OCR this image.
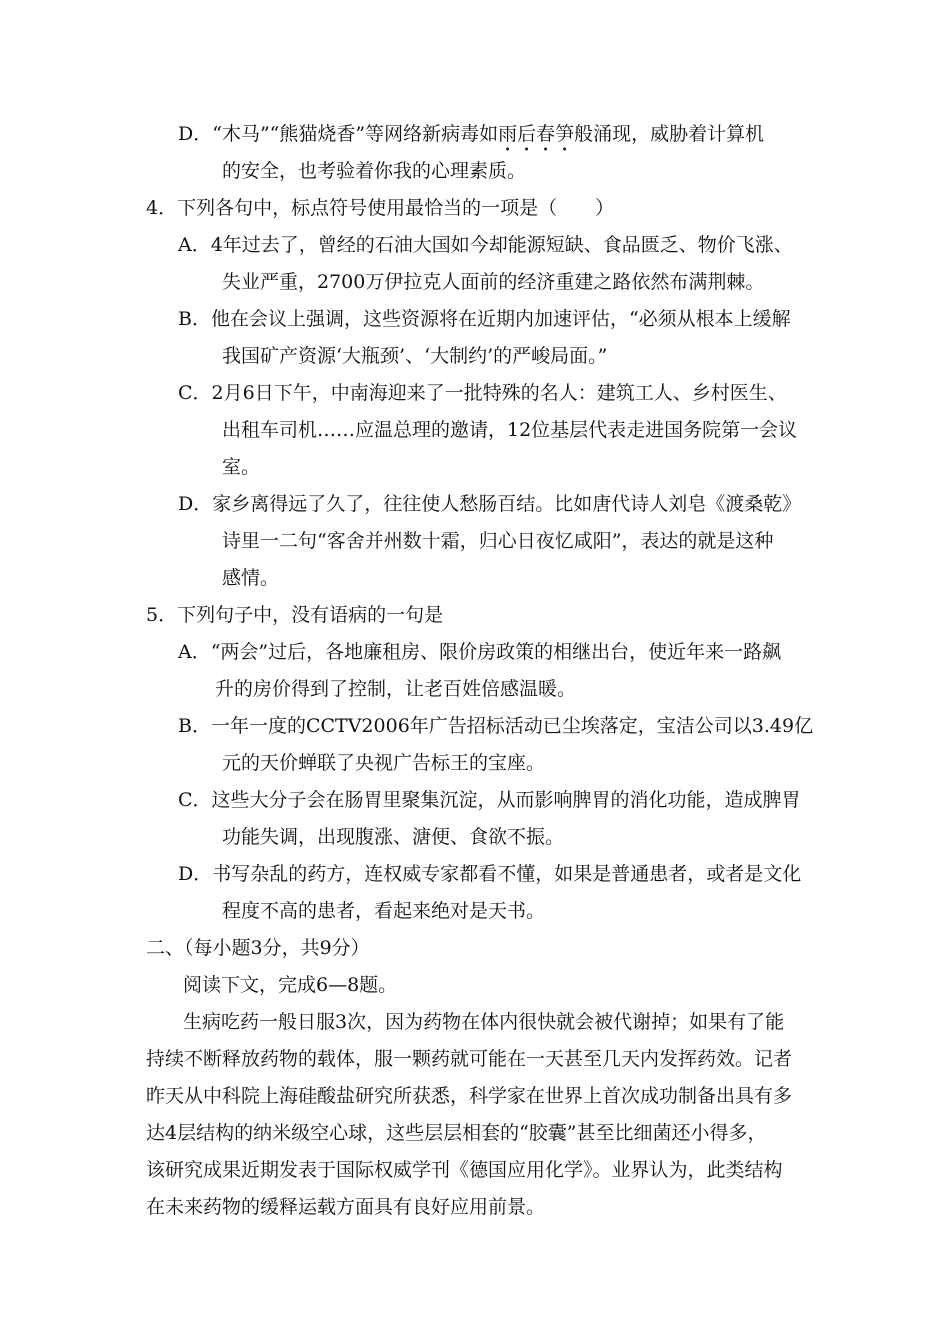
D．“木马”“熊猫烧香”等网络新病毒如雨后春笋般涌现，威胁着计算机
的安全，也考验着你我的心理素质。
4．下列各句中，标点符号使用最恰当的一项是（　　）
A．4年过去了，曾经的石油大国如今却能源短缺、食品匮乏、物价飞涨、
失业严重，2700万伊拉克人面前的经济重建之路依然布满荆棘。
B．他在会议上强调，这些资源将在近期内加速评估，“必须从根本上缓解
我国矿产资源‘大瓶颈’、‘大制约’的严峻局面。”
C．2月6日下午，中南海迎来了一批特殊的名人：建筑工人、乡村医生、
出租车司机……应温总理的邀请，12位基层代表走进国务院第一会议
室。
D．家乡离得远了久了，往往使人愁肠百结。比如唐代诗人刘皂《渡桑乾》
诗里一二句“客舍并州数十霜，归心日夜忆咸阳”，表达的就是这种
感情。
5．下列句子中，没有语病的一句是
A．“两会”过后，各地廉租房、限价房政策的相继出台，使近年来一路飙
升的房价得到了控制，让老百姓倍感温暖。
B．一年一度的CCTV2006年广告招标活动已尘埃落定，宝洁公司以3.49亿
元的天价蝉联了央视广告标王的宝座。
C．这些大分子会在肠胃里聚集沉淀，从而影响脾胃的消化功能，造成脾胃
功能失调，出现腹涨、溏便、食欲不振。
D．书写杂乱的药方，连权威专家都看不懂，如果是普通患者，或者是文化
程度不高的患者，看起来绝对是天书。
二、（每小题3分，共9分）
阅读下文，完成6—8题。
生病吃药一般日服3次，因为药物在体内很快就会被代谢掉；如果有了能
持续不断释放药物的载体，服一颗药就可能在一天甚至几天内发挥药效。记者
昨天从中科院上海硅酸盐研究所获悉，科学家在世界上首次成功制备出具有多
达4层结构的纳米级空心球，这些层层相套的“胶囊”甚至比细菌还小得多，
该研究成果近期发表于国际权威学刊《德国应用化学》。业界认为，此类结构
在未来药物的缓释运载方面具有良好应用前景。
